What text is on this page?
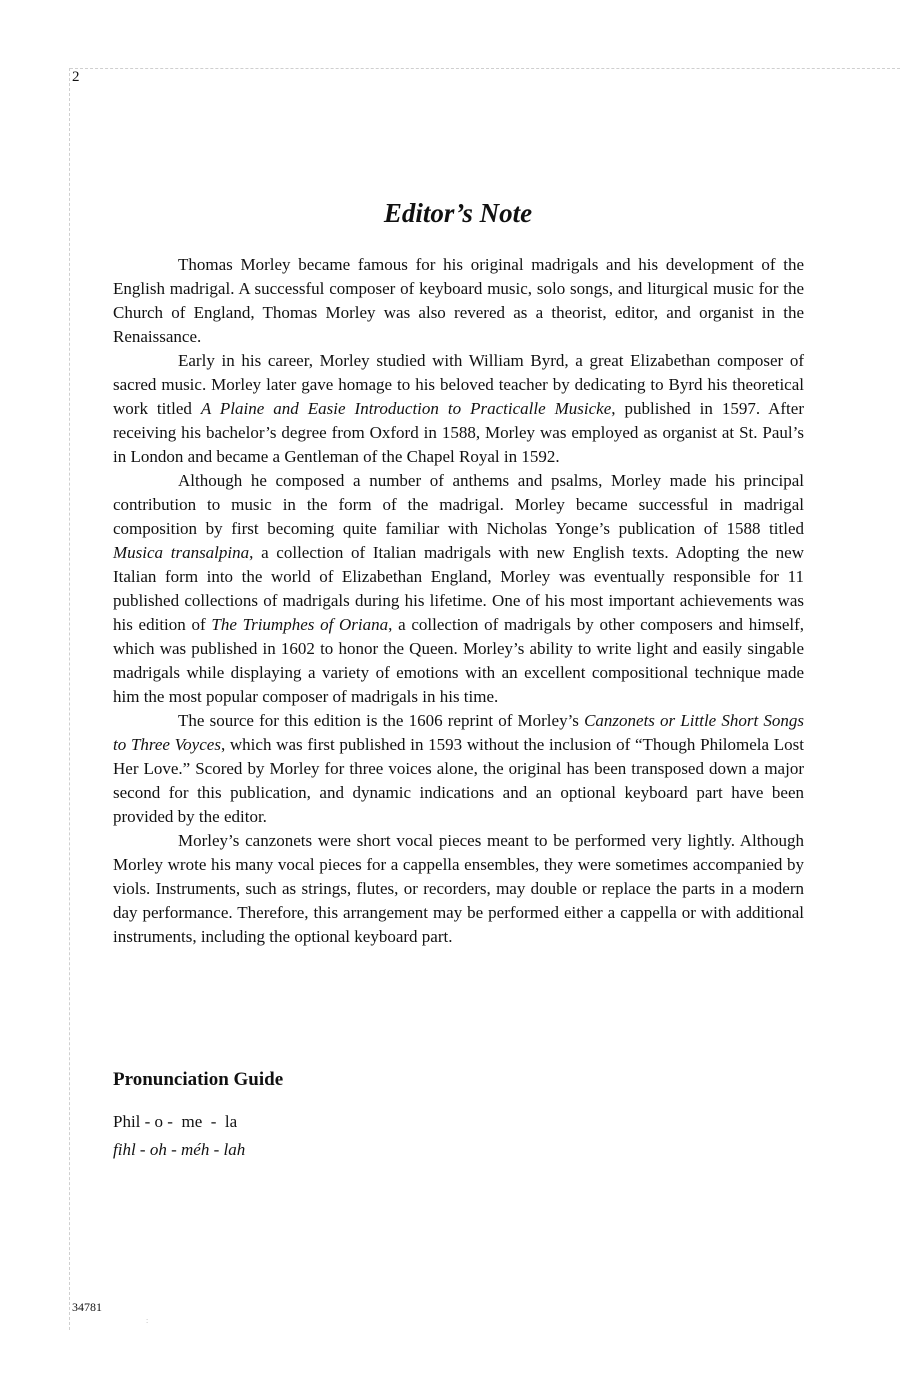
2
Editor’s Note

Thomas Morley became famous for his original madrigals and his development of the English madrigal. A successful composer of keyboard music, solo songs, and liturgical music for the Church of England, Thomas Morley was also revered as a theorist, editor, and organist in the Renaissance.

Early in his career, Morley studied with William Byrd, a great Elizabethan composer of sacred music. Morley later gave homage to his beloved teacher by dedicating to Byrd his theoretical work titled A Plaine and Easie Introduction to Practicalle Musicke, published in 1597. After receiving his bachelor’s degree from Oxford in 1588, Morley was employed as organist at St. Paul’s in London and became a Gentleman of the Chapel Royal in 1592.

Although he composed a number of anthems and psalms, Morley made his principal contribution to music in the form of the madrigal. Morley became successful in madrigal composition by first becoming quite familiar with Nicholas Yonge’s publication of 1588 titled Musica transalpina, a collection of Italian madrigals with new English texts. Adopting the new Italian form into the world of Elizabethan England, Morley was eventually responsible for 11 published collections of madrigals during his lifetime. One of his most important achievements was his edition of The Triumphes of Oriana, a collection of madrigals by other composers and himself, which was published in 1602 to honor the Queen. Morley’s ability to write light and easily singable madrigals while displaying a variety of emotions with an excellent compositional technique made him the most popular composer of madrigals in his time.

The source for this edition is the 1606 reprint of Morley’s Canzonets or Little Short Songs to Three Voyces, which was first published in 1593 without the inclusion of “Though Philomela Lost Her Love.” Scored by Morley for three voices alone, the original has been transposed down a major second for this publication, and dynamic indications and an optional keyboard part have been provided by the editor.

Morley’s canzonets were short vocal pieces meant to be performed very lightly. Although Morley wrote his many vocal pieces for a cappella ensembles, they were sometimes accompanied by viols. Instruments, such as strings, flutes, or recorders, may double or replace the parts in a modern day performance. Therefore, this arrangement may be performed either a cappella or with additional instruments, including the optional keyboard part.

Pronunciation Guide
Phil - o -  me  -  la
fihl - oh - méh - lah
34781
:
